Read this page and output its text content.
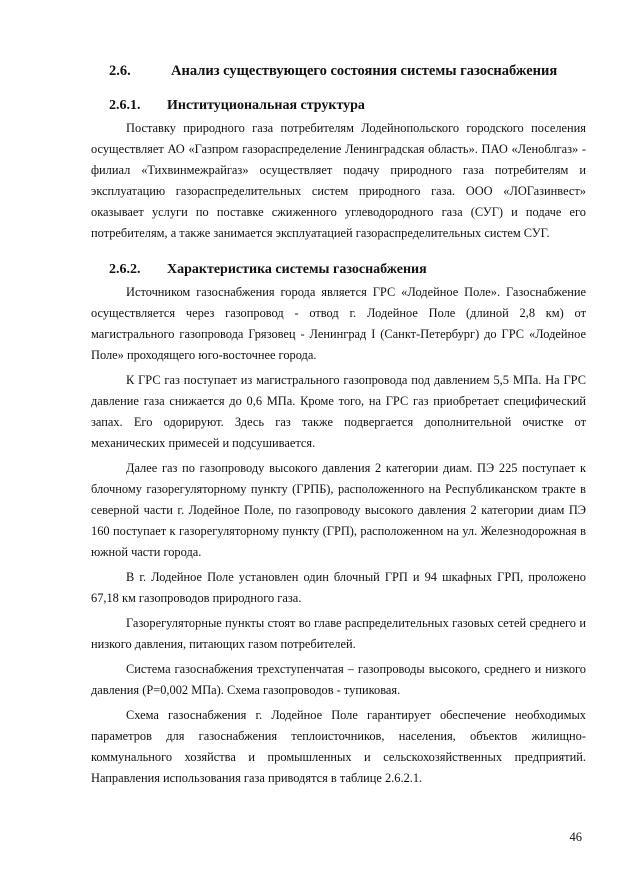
2.6.	Анализ существующего состояния системы газоснабжения
2.6.1. Институциональная структура

Поставку природного газа потребителям Лодейнопольского городского поселения осуществляет АО «Газпром газораспределение Ленинградская область». ПАО «Леноблгаз» - филиал «Тихвинмежрайгаз» осуществляет подачу природного газа потребителям и эксплуатацию газораспределительных систем природного газа. ООО «ЛОГазинвест» оказывает услуги по поставке сжиженного углеводородного газа (СУГ) и подаче его потребителям, а также занимается эксплуатацией газораспределительных систем СУГ.

2.6.2. Характеристика системы газоснабжения

Источником газоснабжения города является ГРС «Лодейное Поле». Газоснабжение осуществляется через газопровод - отвод г. Лодейное Поле (длиной 2,8 км) от магистрального газопровода Грязовец - Ленинград I (Санкт-Петербург) до ГРС «Лодейное Поле» проходящего юго-восточнее города.

К ГРС газ поступает из магистрального газопровода под давлением 5,5 МПа. На ГРС давление газа снижается до 0,6 МПа. Кроме того, на ГРС газ приобретает специфический запах. Его одорируют. Здесь газ также подвергается дополнительной очистке от механических примесей и подсушивается.

Далее газ по газопроводу высокого давления 2 категории диам. ПЭ 225 поступает к блочному газорегуляторному пункту (ГРПБ), расположенного на Республиканском тракте в северной части г. Лодейное Поле, по газопроводу высокого давления 2 категории диам ПЭ 160 поступает к газорегуляторному пункту (ГРП), расположенном на ул. Железнодорожная в южной части города.

В г. Лодейное Поле установлен один блочный ГРП и 94 шкафных ГРП, проложено 67,18 км газопроводов природного газа.

Газорегуляторные пункты стоят во главе распределительных газовых сетей среднего и низкого давления, питающих газом потребителей.

Система газоснабжения трехступенчатая – газопроводы высокого, среднего и низкого давления (Р=0,002 МПа). Схема газопроводов - тупиковая.

Схема газоснабжения г. Лодейное Поле гарантирует обеспечение необходимых параметров для газоснабжения теплоисточников, населения, объектов жилищно-коммунального хозяйства и промышленных и сельскохозяйственных предприятий. Направления использования газа приводятся в таблице 2.6.2.1.

46
